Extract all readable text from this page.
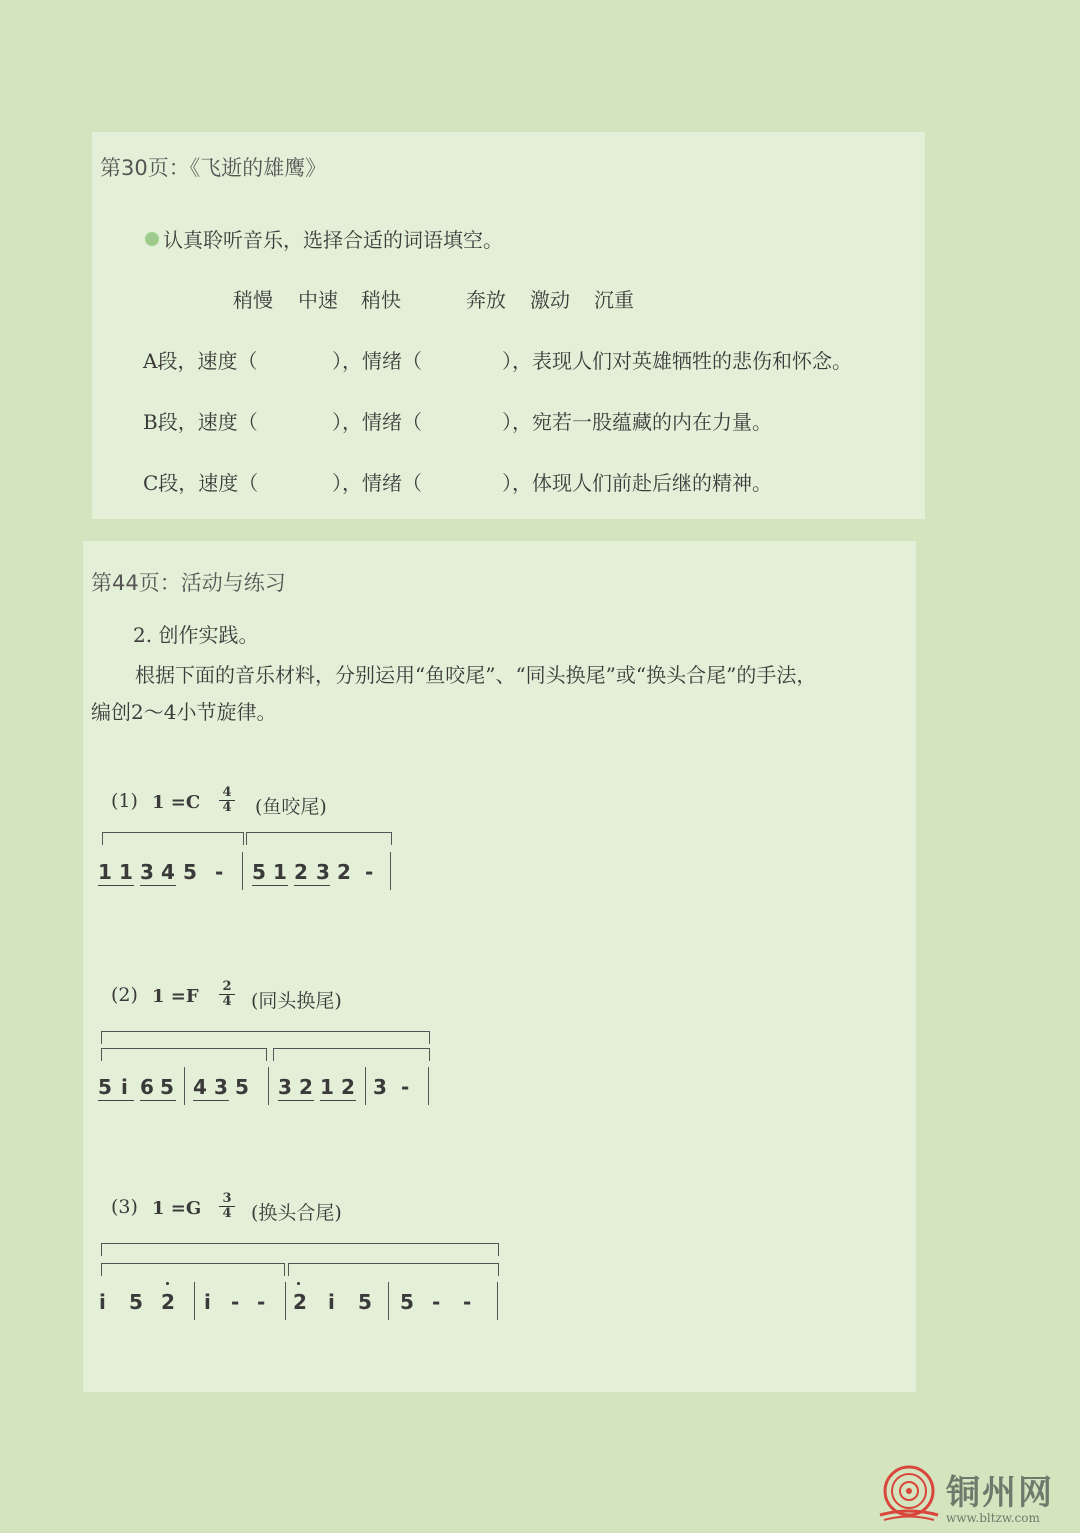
第30页：《飞逝的雄鹰》
认真聆听音乐，选择合适的词语填空。
稍慢 中速 稍快	奔放 激动 沉重
A段，速度（	），情绪（	），表现人们对英雄牺牲的悲伤和怀念。
B段，速度（	），情绪（	），宛若一股蕴藏的内在力量。
C段，速度（	），情绪（	），体现人们前赴后继的精神。
第44页：活动与练习
2. 创作实践。
根据下面的音乐材料，分别运用“鱼咬尾”、“同头换尾”或“换头合尾”的手法，
编创2～4小节旋律。
(1) 1 =C 4
4 (鱼咬尾)
1 1 3 4 5 - 5 1 2 3 2 -
(2) 1 =F 2
4 (同头换尾)
5 i 6 5 4 3 5 3 2 1 2 3 -
(3) 1 =G 3
4 (换头合尾)
i 5 2 i - - 2 i 5 5 - -
铜州网
www.bltzw.com
